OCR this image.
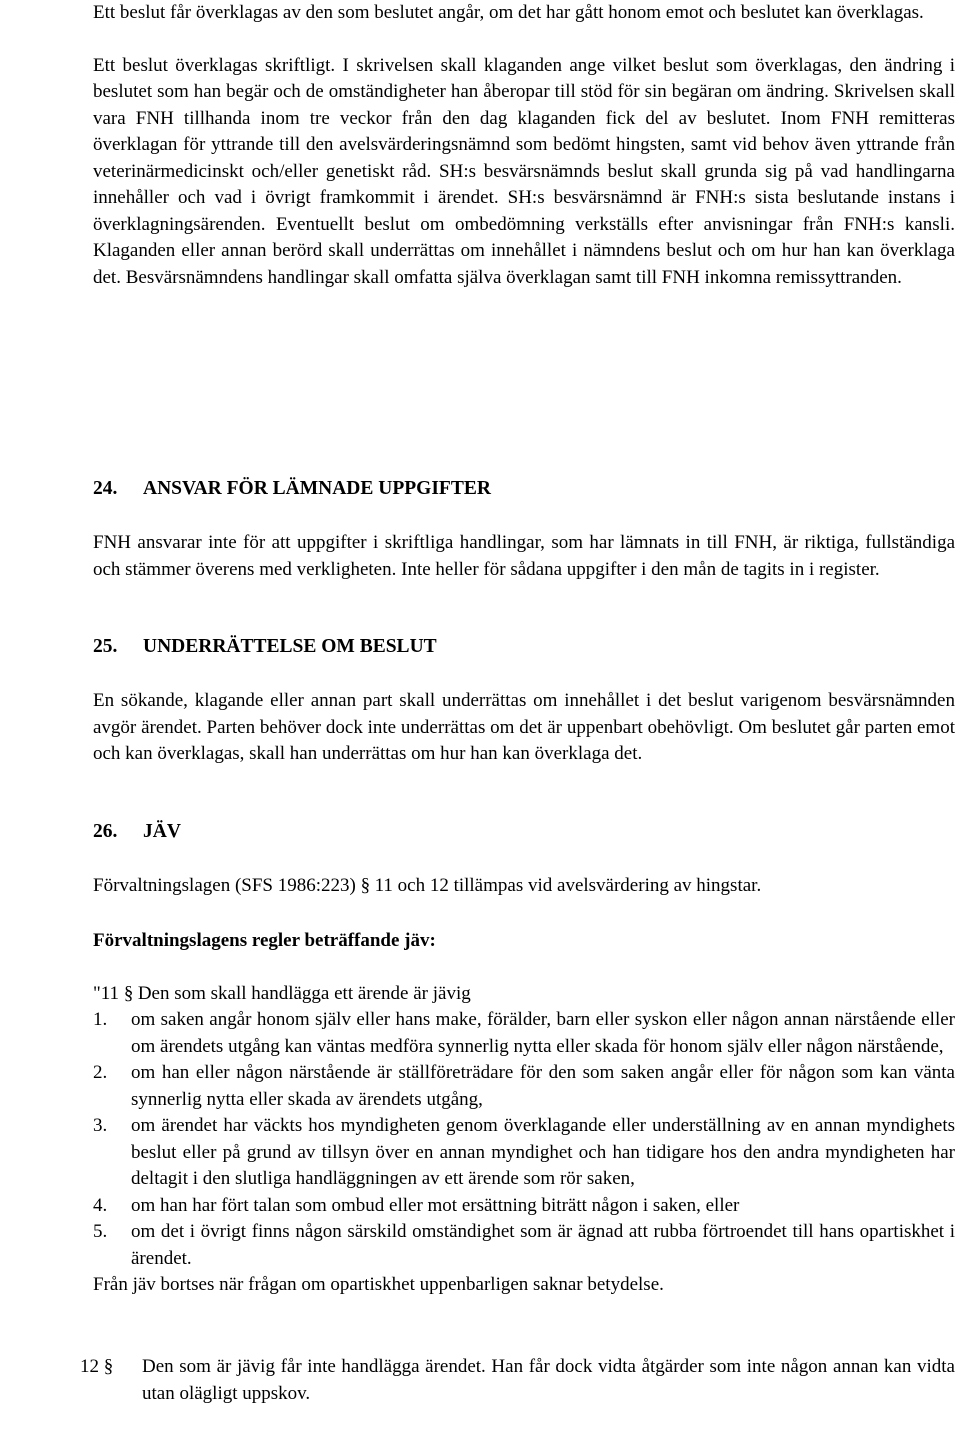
Ett beslut får överklagas av den som beslutet angår, om det har gått honom emot och beslutet kan överklagas.

Ett beslut överklagas skriftligt. I skrivelsen skall klaganden ange vilket beslut som överklagas, den ändring i beslutet som han begär och de omständigheter han åberopar till stöd för sin begäran om ändring. Skrivelsen skall vara FNH tillhanda inom tre veckor från den dag klaganden fick del av beslutet. Inom FNH remitteras överklagan för yttrande till den avelsvärderingsnämnd som bedömt hingsten, samt vid behov även yttrande från veterinärmedicinskt och/eller genetiskt råd. SH:s besvärsnämnds beslut skall grunda sig på vad handlingarna innehåller och vad i övrigt framkommit i ärendet. SH:s besvärsnämnd är FNH:s sista beslutande instans i överklagningsärenden. Eventuellt beslut om ombedömning verkställs efter anvisningar från FNH:s kansli. Klaganden eller annan berörd skall underrättas om innehållet i nämndens beslut och om hur han kan överklaga det. Besvärsnämndens handlingar skall omfatta själva överklagan samt till FNH inkomna remissyttranden.

24. ANSVAR FÖR LÄMNADE UPPGIFTER

FNH ansvarar inte för att uppgifter i skriftliga handlingar, som har lämnats in till FNH, är riktiga, fullständiga och stämmer överens med verkligheten. Inte heller för sådana uppgifter i den mån de tagits in i register.

25. UNDERRÄTTELSE OM BESLUT

En sökande, klagande eller annan part skall underrättas om innehållet i det beslut varigenom besvärsnämnden avgör ärendet. Parten behöver dock inte underrättas om det är uppenbart obehövligt. Om beslutet går parten emot och kan överklagas, skall han underrättas om hur han kan överklaga det.

26. JÄV

Förvaltningslagen (SFS 1986:223) §11 och 12 tillämpas vid avelsvärdering av hingstar.

Förvaltningslagens regler beträffande jäv:

"11 §Den som skall handlägga ett ärende är jävig

1. om saken angår honom själv eller hans make, förälder, barn eller syskon eller någon annan närstående eller om ärendets utgång kan väntas medföra synnerlig nytta eller skada för honom själv eller någon närstående,

2. om han eller någon närstående är ställföreträdare för den som saken angår eller för någon som kan vänta synnerlig nytta eller skada av ärendets utgång,

3. om ärendet har väckts hos myndigheten genom överklagande eller underställning av en annan myndighets beslut eller på grund av tillsyn över en annan myndighet och han tidigare hos den andra myndigheten har deltagit i den slutliga handläggningen av ett ärende som rör saken,

4. om han har fört talan som ombud eller mot ersättning biträtt någon i saken, eller

5. om det i övrigt finns någon särskild omständighet som är ägnad att rubba förtroendet till hans opartiskhet i ärendet.

Från jäv bortses när frågan om opartiskhet uppenbarligen saknar betydelse.

12 §	Den som är jävig får inte handlägga ärendet. Han får dock vidta åtgärder som inte någon annan kan vidta utan olägligt uppskov.
